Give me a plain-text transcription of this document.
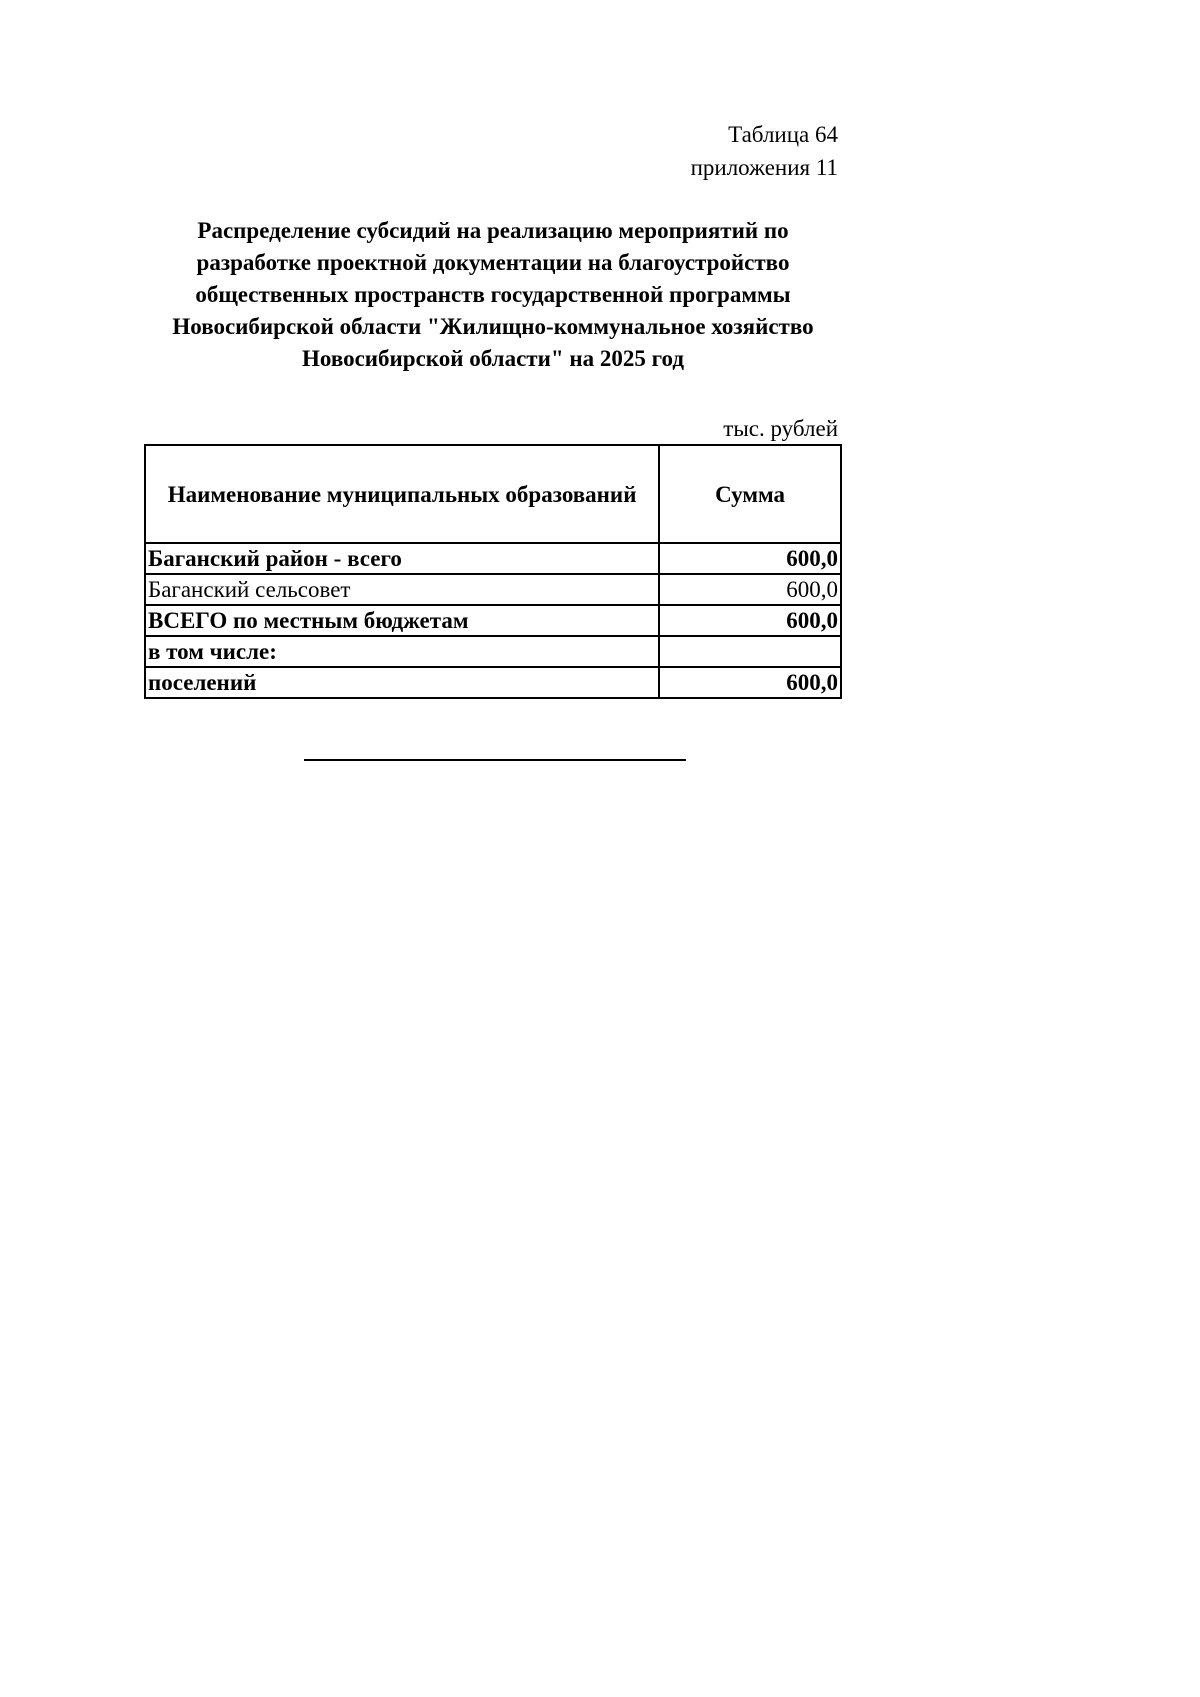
Таблица 64
приложения 11
Распределение субсидий на реализацию мероприятий по
разработке проектной документации на благоустройство
общественных пространств государственной программы
Новосибирской области "Жилищно-коммунальное хозяйство
Новосибирской области" на 2025 год
тыс. рублей
Наименование муниципальных образований	Сумма
Баганский район - всего	600,0
Баганский сельсовет	600,0
ВСЕГО по местным бюджетам	600,0
в том числе:	
поселений	600,0
